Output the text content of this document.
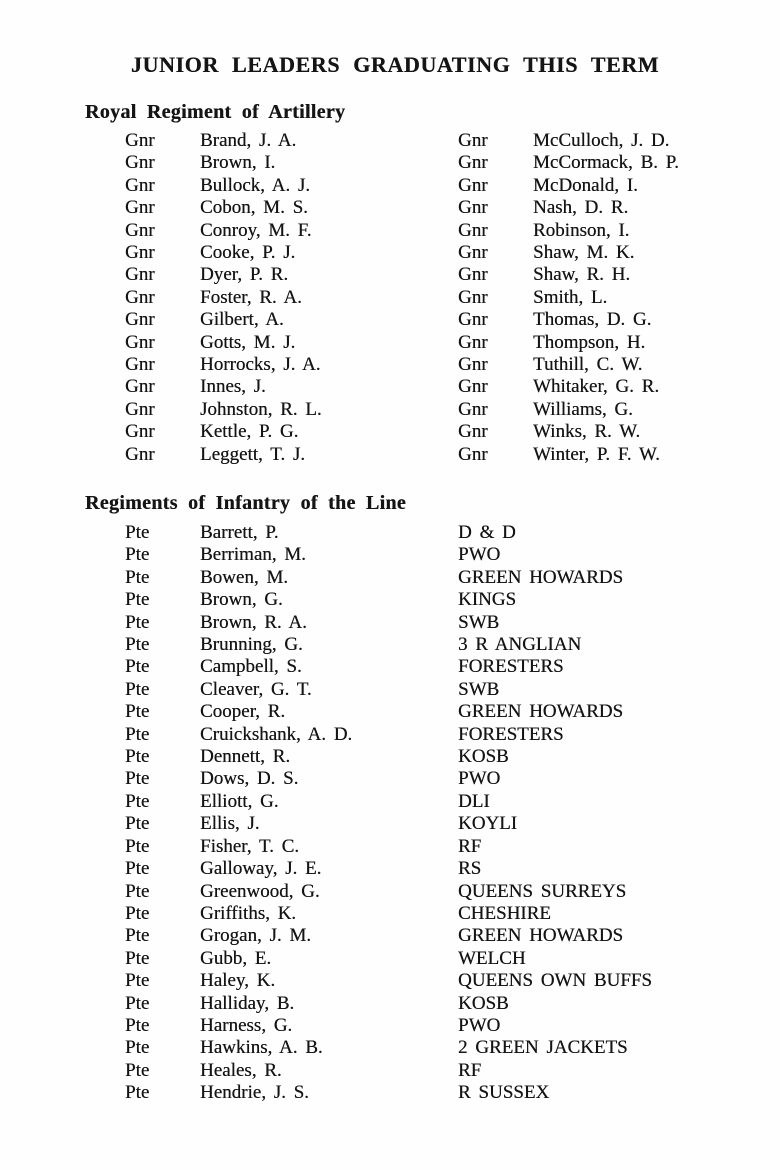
JUNIOR LEADERS GRADUATING THIS TERM
Royal Regiment of Artillery
Gnr	Brand, J. A.
Gnr	Brown, I.
Gnr	Bullock, A. J.
Gnr	Cobon, M. S.
Gnr	Conroy, M. F.
Gnr	Cooke, P. J.
Gnr	Dyer, P. R.
Gnr	Foster, R. A.
Gnr	Gilbert, A.
Gnr	Gotts, M. J.
Gnr	Horrocks, J. A.
Gnr	Innes, J.
Gnr	Johnston, R. L.
Gnr	Kettle, P. G.
Gnr	Leggett, T. J.
Gnr	McCulloch, J. D.
Gnr	McCormack, B. P.
Gnr	McDonald, I.
Gnr	Nash, D. R.
Gnr	Robinson, I.
Gnr	Shaw, M. K.
Gnr	Shaw, R. H.
Gnr	Smith, L.
Gnr	Thomas, D. G.
Gnr	Thompson, H.
Gnr	Tuthill, C. W.
Gnr	Whitaker, G. R.
Gnr	Williams, G.
Gnr	Winks, R. W.
Gnr	Winter, P. F. W.
Regiments of Infantry of the Line
Pte	Barrett, P.	D & D
Pte	Berriman, M.	PWO
Pte	Bowen, M.	GREEN HOWARDS
Pte	Brown, G.	KINGS
Pte	Brown, R. A.	SWB
Pte	Brunning, G.	3 R ANGLIAN
Pte	Campbell, S.	FORESTERS
Pte	Cleaver, G. T.	SWB
Pte	Cooper, R.	GREEN HOWARDS
Pte	Cruickshank, A. D.	FORESTERS
Pte	Dennett, R.	KOSB
Pte	Dows, D. S.	PWO
Pte	Elliott, G.	DLI
Pte	Ellis, J.	KOYLI
Pte	Fisher, T. C.	RF
Pte	Galloway, J. E.	RS
Pte	Greenwood, G.	QUEENS SURREYS
Pte	Griffiths, K.	CHESHIRE
Pte	Grogan, J. M.	GREEN HOWARDS
Pte	Gubb, E.	WELCH
Pte	Haley, K.	QUEENS OWN BUFFS
Pte	Halliday, B.	KOSB
Pte	Harness, G.	PWO
Pte	Hawkins, A. B.	2 GREEN JACKETS
Pte	Heales, R.	RF
Pte	Hendrie, J. S.	R SUSSEX
